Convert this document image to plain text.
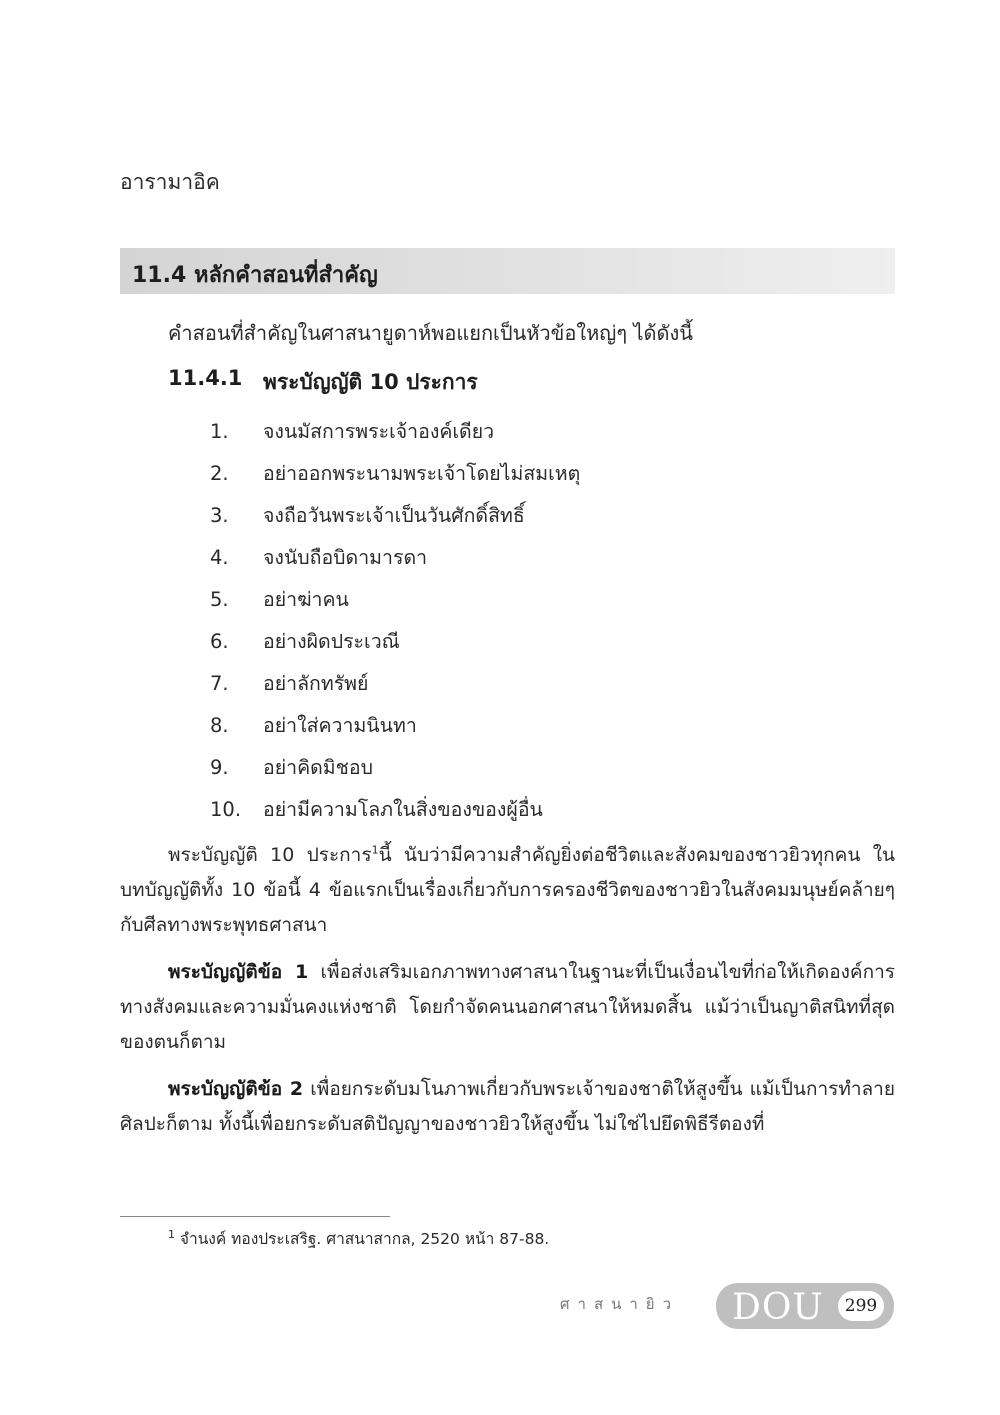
อารามาอิค
11.4 หลักคำสอนที่สำคัญ
คำสอนที่สำคัญในศาสนายูดาห์พอแยกเป็นหัวข้อใหญ่ๆ ได้ดังนี้
11.4.1 พระบัญญัติ 10 ประการ
1.	จงนมัสการพระเจ้าองค์เดียว
2.	อย่าออกพระนามพระเจ้าโดยไม่สมเหตุ
3.	จงถือวันพระเจ้าเป็นวันศักดิ์สิทธิ์
4.	จงนับถือบิดามารดา
5.	อย่าฆ่าคน
6.	อย่างผิดประเวณี
7.	อย่าลักทรัพย์
8.	อย่าใส่ความนินทา
9.	อย่าคิดมิชอบ
10.	อย่ามีความโลภในสิ่งของของผู้อื่น

พระบัญญัติ 10 ประการ$^1$นี้ นับว่ามีความสำคัญยิ่งต่อชีวิตและสังคมของชาวยิวทุกคน ในบทบัญญัติทั้ง 10 ข้อนี้ 4 ข้อแรกเป็นเรื่องเกี่ยวกับการครองชีวิตของชาวยิวในสังคมมนุษย์คล้ายๆ กับศีลทางพระพุทธศาสนา

พระบัญญัติข้อ 1 เพื่อส่งเสริมเอกภาพทางศาสนาในฐานะที่เป็นเงื่อนไขที่ก่อให้เกิดองค์การทางสังคมและความมั่นคงแห่งชาติ โดยกำจัดคนนอกศาสนาให้หมดสิ้น แม้ว่าเป็นญาติสนิทที่สุดของตนก็ตาม

พระบัญญัติข้อ 2 เพื่อยกระดับมโนภาพเกี่ยวกับพระเจ้าของชาติให้สูงขึ้น แม้เป็นการทำลายศิลปะก็ตาม ทั้งนี้เพื่อยกระดับสติปัญญาของชาวยิวให้สูงขึ้น ไม่ใช่ไปยึดพิธีรีตองที่

$^1$ จำนงค์ ทองประเสริฐ. ศาสนาสากล, 2520 หน้า 87-88.
ศาสนายิว DOU	299
